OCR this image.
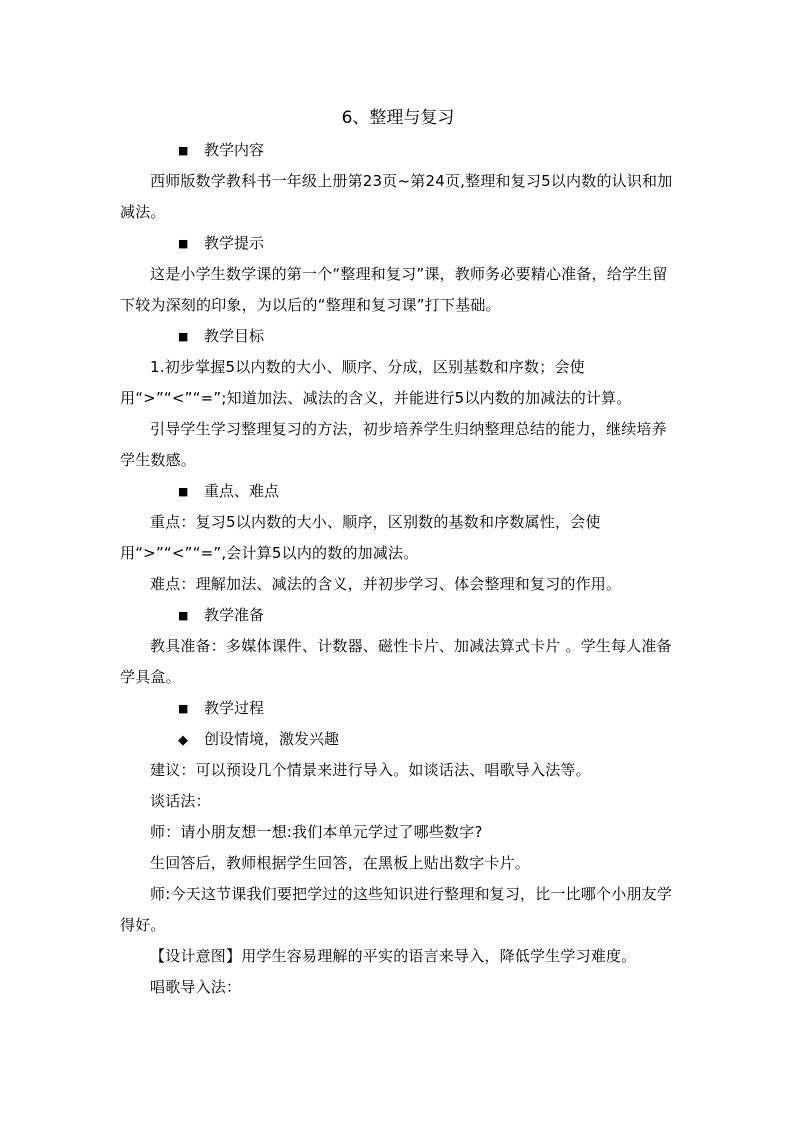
6、整理与复习
■ 教学内容

西师版数学教科书一年级上册第23页~第24页,整理和复习5以内数的认识和加减法。

■ 教学提示

这是小学生数学课的第一个“整理和复习”课，教师务必要精心准备，给学生留下较为深刻的印象，为以后的“整理和复习课”打下基础。

■ 教学目标

1.初步掌握5以内数的大小、顺序、分成，区别基数和序数；会使用“>”“<”“=”;知道加法、减法的含义，并能进行5以内数的加减法的计算。

引导学生学习整理复习的方法，初步培养学生归纳整理总结的能力，继续培养学生数感。

■ 重点、难点

重点：复习5以内数的大小、顺序，区别数的基数和序数属性，会使用“>”“<”“=”,会计算5以内的数的加减法。

难点：理解加法、减法的含义，并初步学习、体会整理和复习的作用。

■ 教学准备

教具准备：多媒体课件、计数器、磁性卡片、加减法算式卡片 。学生每人准备学具盒。

■ 教学过程
◆ 创设情境，激发兴趣

建议：可以预设几个情景来进行导入。如谈话法、唱歌导入法等。

谈话法：

师：请小朋友想一想:我们本单元学过了哪些数字?

生回答后，教师根据学生回答，在黑板上贴出数字卡片。

师:今天这节课我们要把学过的这些知识进行整理和复习，比一比哪个小朋友学得好。

【设计意图】用学生容易理解的平实的语言来导入，降低学生学习难度。

唱歌导入法：
